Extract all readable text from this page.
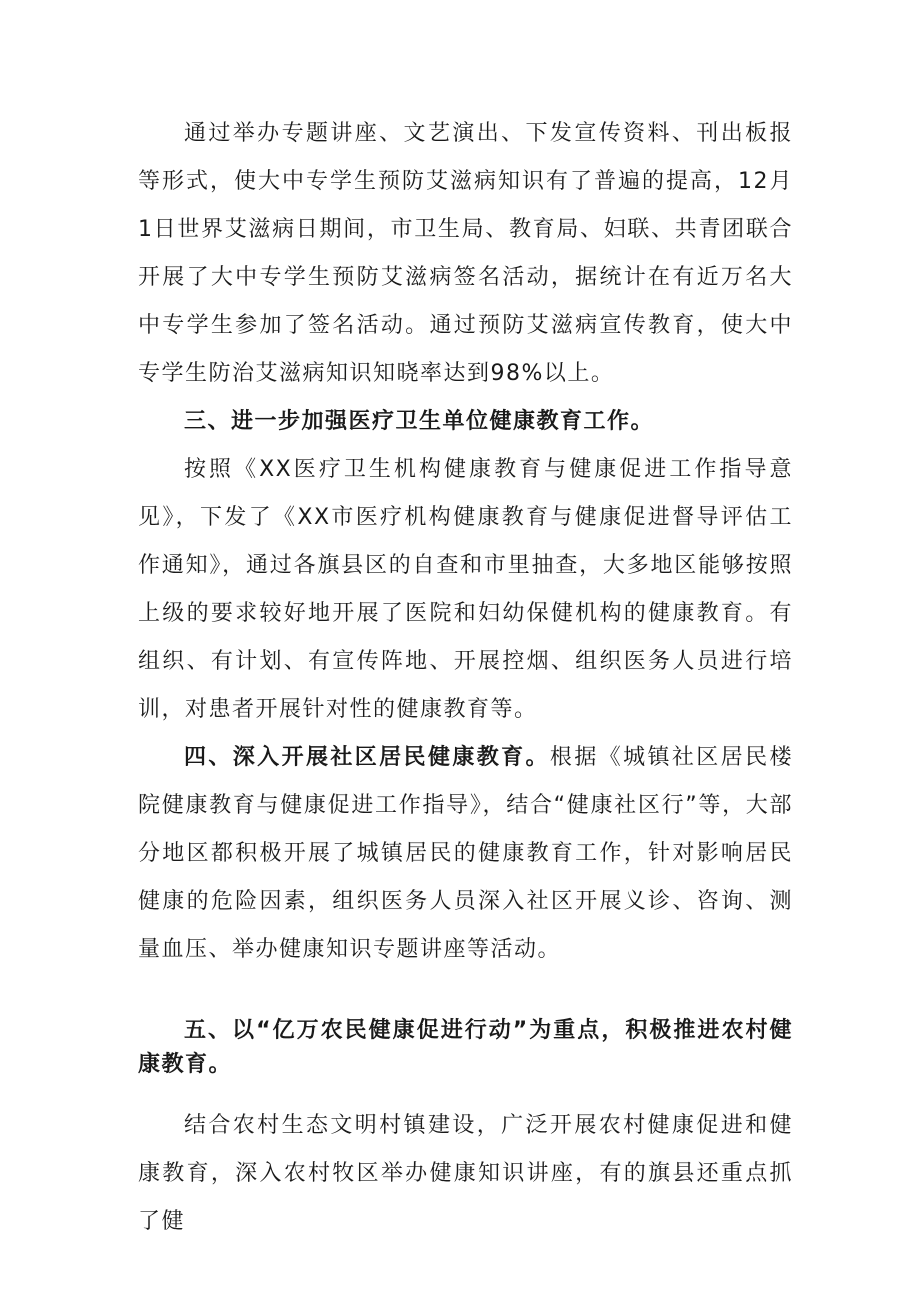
通过举办专题讲座、文艺演出、下发宣传资料、刊出板报等形式，使大中专学生预防艾滋病知识有了普遍的提高，12月1日世界艾滋病日期间，市卫生局、教育局、妇联、共青团联合开展了大中专学生预防艾滋病签名活动，据统计在有近万名大中专学生参加了签名活动。通过预防艾滋病宣传教育，使大中专学生防治艾滋病知识知晓率达到98%以上。

三、进一步加强医疗卫生单位健康教育工作。

按照《XX医疗卫生机构健康教育与健康促进工作指导意见》，下发了《XX市医疗机构健康教育与健康促进督导评估工作通知》，通过各旗县区的自查和市里抽查，大多地区能够按照上级的要求较好地开展了医院和妇幼保健机构的健康教育。有组织、有计划、有宣传阵地、开展控烟、组织医务人员进行培训，对患者开展针对性的健康教育等。

四、深入开展社区居民健康教育。根据《城镇社区居民楼院健康教育与健康促进工作指导》，结合“健康社区行”等，大部分地区都积极开展了城镇居民的健康教育工作，针对影响居民健康的危险因素，组织医务人员深入社区开展义诊、咨询、测量血压、举办健康知识专题讲座等活动。

五、以“亿万农民健康促进行动”为重点，积极推进农村健康教育。

结合农村生态文明村镇建设，广泛开展农村健康促进和健康教育，深入农村牧区举办健康知识讲座，有的旗县还重点抓了健
